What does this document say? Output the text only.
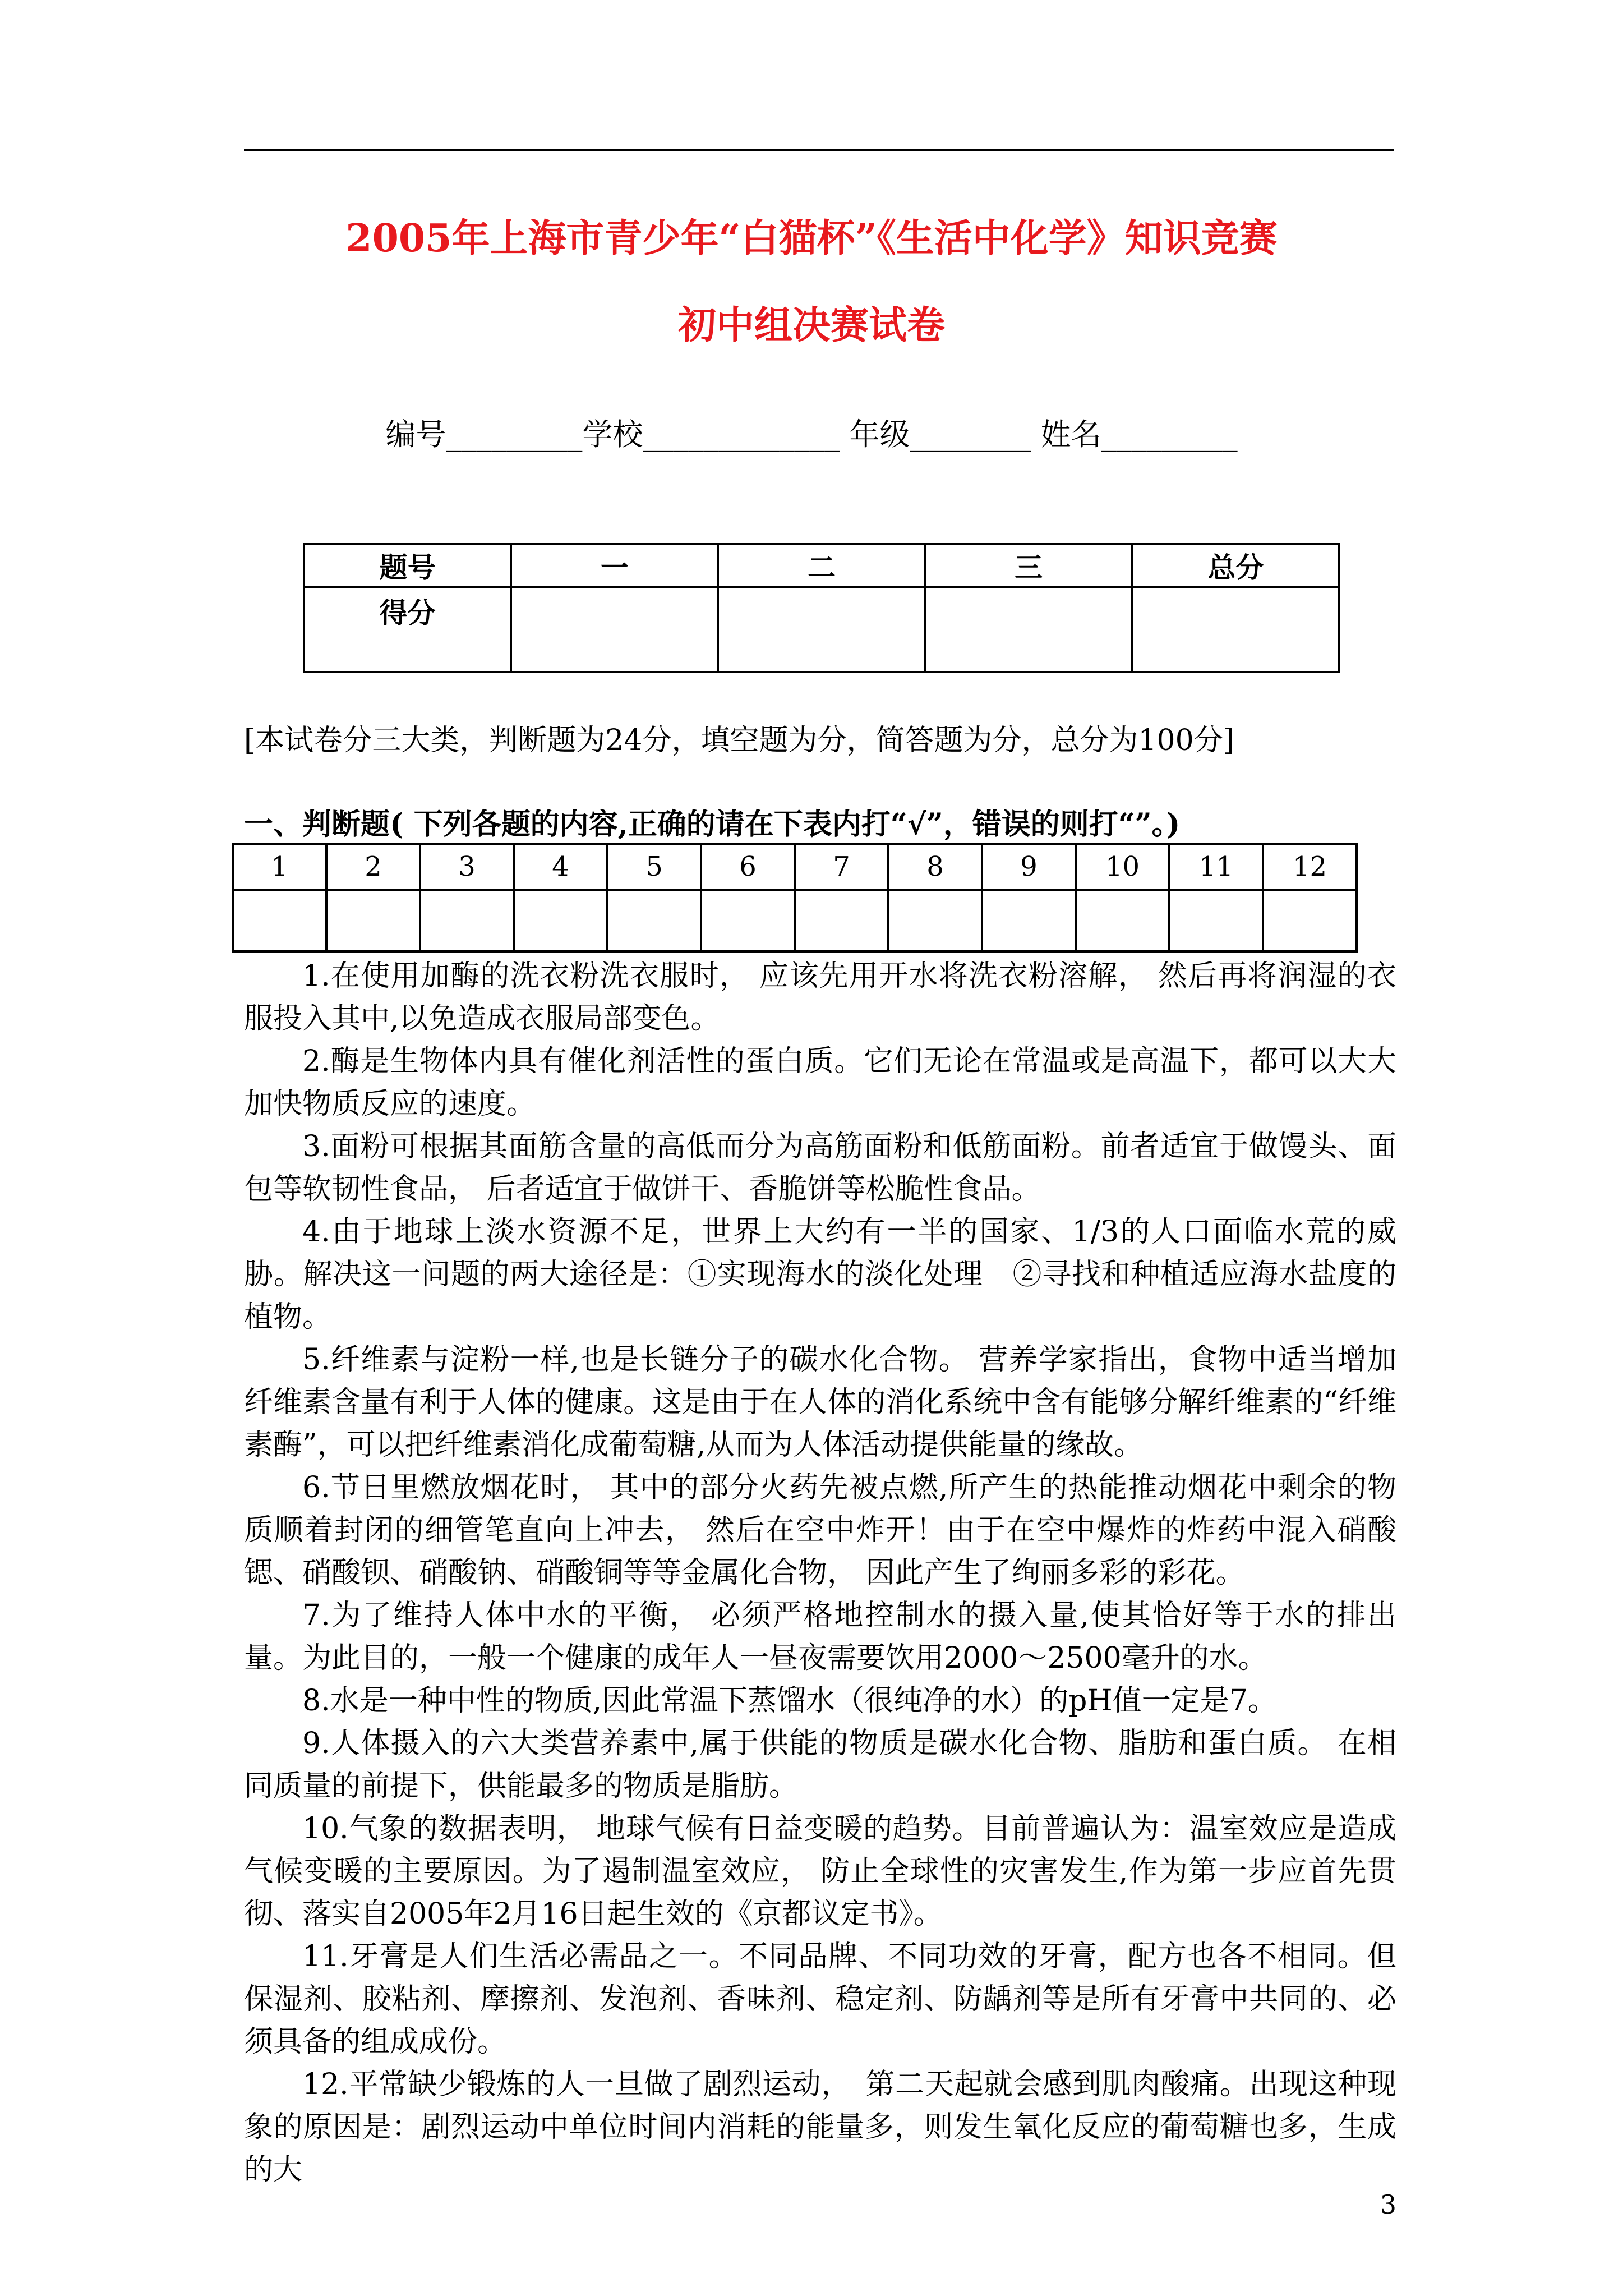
2005年上海市青少年“白猫杯”《生活中化学》知识竞赛
初中组决赛试卷
编号_________学校_____________ 年级________ 姓名_________
题号	一	二	三	总分
得分				
[本试卷分三大类，判断题为24分，填空题为分，简答题为分，总分为100分]
一、判断题( 下列各题的内容,正确的请在下表内打“√”，错误的则打“”。)
1	2	3	4	5	6	7	8	9	10	11	12

1.在使用加酶的洗衣粉洗衣服时， 应该先用开水将洗衣粉溶解， 然后再将润湿的衣服投入其中,以免造成衣服局部变色。

2.酶是生物体内具有催化剂活性的蛋白质。它们无论在常温或是高温下，都可以大大加快物质反应的速度。

3.面粉可根据其面筋含量的高低而分为高筋面粉和低筋面粉。前者适宜于做馒头、面包等软韧性食品， 后者适宜于做饼干、香脆饼等松脆性食品。

4.由于地球上淡水资源不足，世界上大约有一半的国家、1/3的人口面临水荒的威胁。解决这一问题的两大途径是：①实现海水的淡化处理　②寻找和种植适应海水盐度的植物。

5.纤维素与淀粉一样,也是长链分子的碳水化合物。 营养学家指出，食物中适当增加纤维素含量有利于人体的健康。这是由于在人体的消化系统中含有能够分解纤维素的“纤维素酶”，可以把纤维素消化成葡萄糖,从而为人体活动提供能量的缘故。

6.节日里燃放烟花时， 其中的部分火药先被点燃,所产生的热能推动烟花中剩余的物质顺着封闭的细管笔直向上冲去， 然后在空中炸开！由于在空中爆炸的炸药中混入硝酸锶、硝酸钡、硝酸钠、硝酸铜等等金属化合物， 因此产生了绚丽多彩的彩花。

7.为了维持人体中水的平衡， 必须严格地控制水的摄入量,使其恰好等于水的排出量。为此目的，一般一个健康的成年人一昼夜需要饮用2000～2500毫升的水。

8.水是一种中性的物质,因此常温下蒸馏水（很纯净的水）的pH值一定是7。

9.人体摄入的六大类营养素中,属于供能的物质是碳水化合物、脂肪和蛋白质。 在相同质量的前提下，供能最多的物质是脂肪。

10.气象的数据表明， 地球气候有日益变暖的趋势。目前普遍认为：温室效应是造成气候变暖的主要原因。为了遏制温室效应， 防止全球性的灾害发生,作为第一步应首先贯彻、落实自2005年2月16日起生效的《京都议定书》。

11.牙膏是人们生活必需品之一。不同品牌、不同功效的牙膏，配方也各不相同。但保湿剂、胶粘剂、摩擦剂、发泡剂、香味剂、稳定剂、防龋剂等是所有牙膏中共同的、必须具备的组成成份。

12.平常缺少锻炼的人一旦做了剧烈运动，　第二天起就会感到肌肉酸痛。出现这种现象的原因是：剧烈运动中单位时间内消耗的能量多，则发生氧化反应的葡萄糖也多，生成的大

3
